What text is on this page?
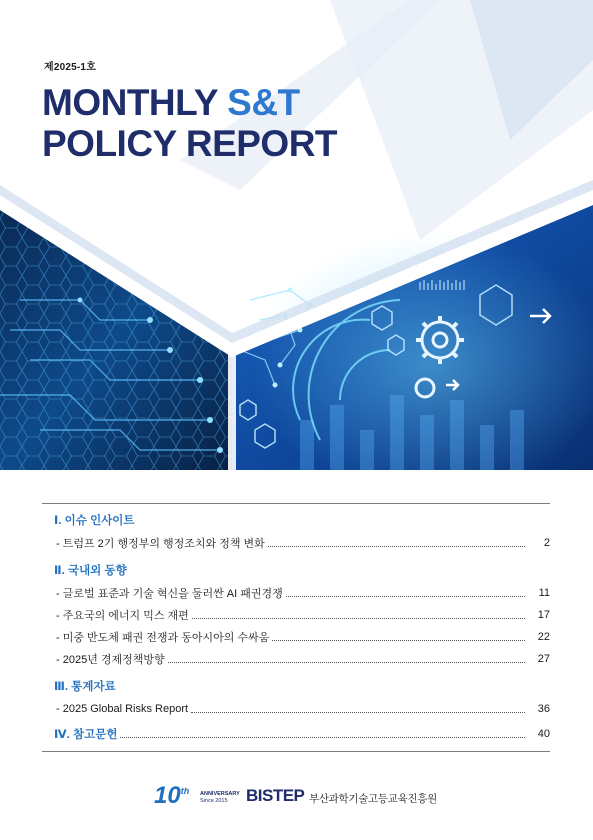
제2025-1호
MONTHLY S&T
POLICY REPORT
Ⅰ. 이슈 인사이트
- 트럼프 2기 행정부의 행정조치와 정책 변화	2
Ⅱ. 국내외 동향
- 글로벌 표준과 기술 혁신을 둘러싼 AI 패권경쟁	11
- 주요국의 에너지 믹스 재편	17
- 미중 반도체 패권 전쟁과 동아시아의 수싸움	22
- 2025년 경제정책방향	27
Ⅲ. 통계자료
- 2025 Global Risks Report	36
Ⅳ. 참고문헌	40
10th ANNIVERSARY
Since 2015	BISTEP 부산과학기술고등교육진흥원
